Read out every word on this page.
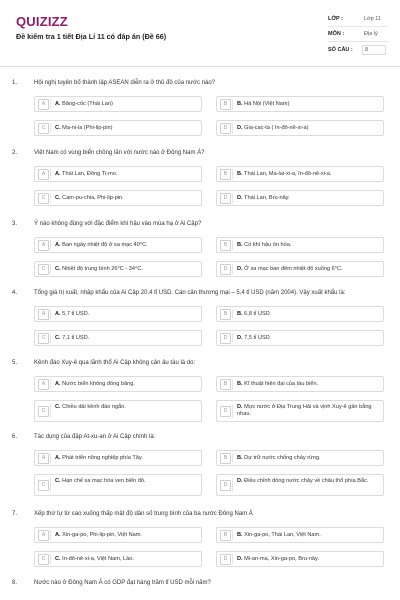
QUIZIZZ
Đề kiểm tra 1 tiết Địa Lí 11 có đáp án (Đề 66)
LỚP :	Lớp 11
MÔN :	Địa lý
SỐ CÂU : 8
1.	Hội nghị tuyên bố thành lập ASEAN diễn ra ở thủ đô của nước nào?
A	A. Băng-cốc (Thái Lan)	B	B. Hà Nội (Việt Nam)
C	C. Ma-ni-la (Phi-lip-pin)	D	D. Gia-cac-ta ( In-đô-nê-xi-a)
2.	Việt Nam có vùng biển chồng lấn với nước nào ở Đông Nam Á?
A	A. Thái Lan, Đông Ti-mo.	B	B. Thái Lan, Ma-lai-xi-a, In-đô-nê-xi-a.
C	C. Cam-pu-chia, Phi-lip-pin.	D	D. Thái Lan, Bru-nây.
3.	Ý nào không đúng với đặc điểm khí hậu vào mùa hạ ở Ai Cập?
A	A. Ban ngày nhiệt độ ở sa mạc 40°C.	B	B. Có khí hậu ôn hòa.
C	C. Nhiệt độ trung bình 26°C - 34°C.	D	D. Ở sa mạc ban đêm nhiệt độ xuống 6°C.
4.	Tổng giá trị xuất, nhập khẩu của Ai Cập 20,4 tỉ USD. Cán cân thương mại – 5,4 tỉ USD (năm 2004). Vậy xuất khẩu là:
A	A. 5,7 tỉ USD.	B	B. 6,8 tỉ USD.
C	C. 7,1 tỉ USD.	D	D. 7,5 tỉ USD.
5.	Kênh đào Xuy-ê qua lãnh thổ Ai Cập không cản âu tàu là do:
A	A. Nước biển không đóng băng.	B	B. Kĩ thuật hiện đại của tàu biển.
C
C. Chiều dài kênh đào ngắn.
D
D. Mực nước ở Địa Trung Hải và vịnh Xuy-ê gần bằng nhau.
6.	Tác dụng của đập At-xu-an ở Ai Cập chính là:
A	A. Phát triển nông nghiệp phía Tây.	B	B. Dự trữ nước chống cháy rừng.
C
C. Hạn chế sa mạc hóa ven biển đỏ.
D
D. Điều chỉnh dòng nước chảy về châu thổ phía Bắc.
7.	Xếp thứ tự từ cao xuống thấp mật độ dân số trung bình của ba nước Đông Nam Á
A	A. Xin-ga-po, Phi-lip-pin, Việt Nam.	B	B. Xin-ga-po, Thái Lan, Việt Nam.
C	C. In-đô-nê-xi-a, Việt Nam, Lào.	D	D. Mi-an-ma, Xin-ga-po, Bru-nây.
8.	Nước nào ở Đông Nam Á có GDP đạt hàng trăm tỉ USD mỗi năm?
